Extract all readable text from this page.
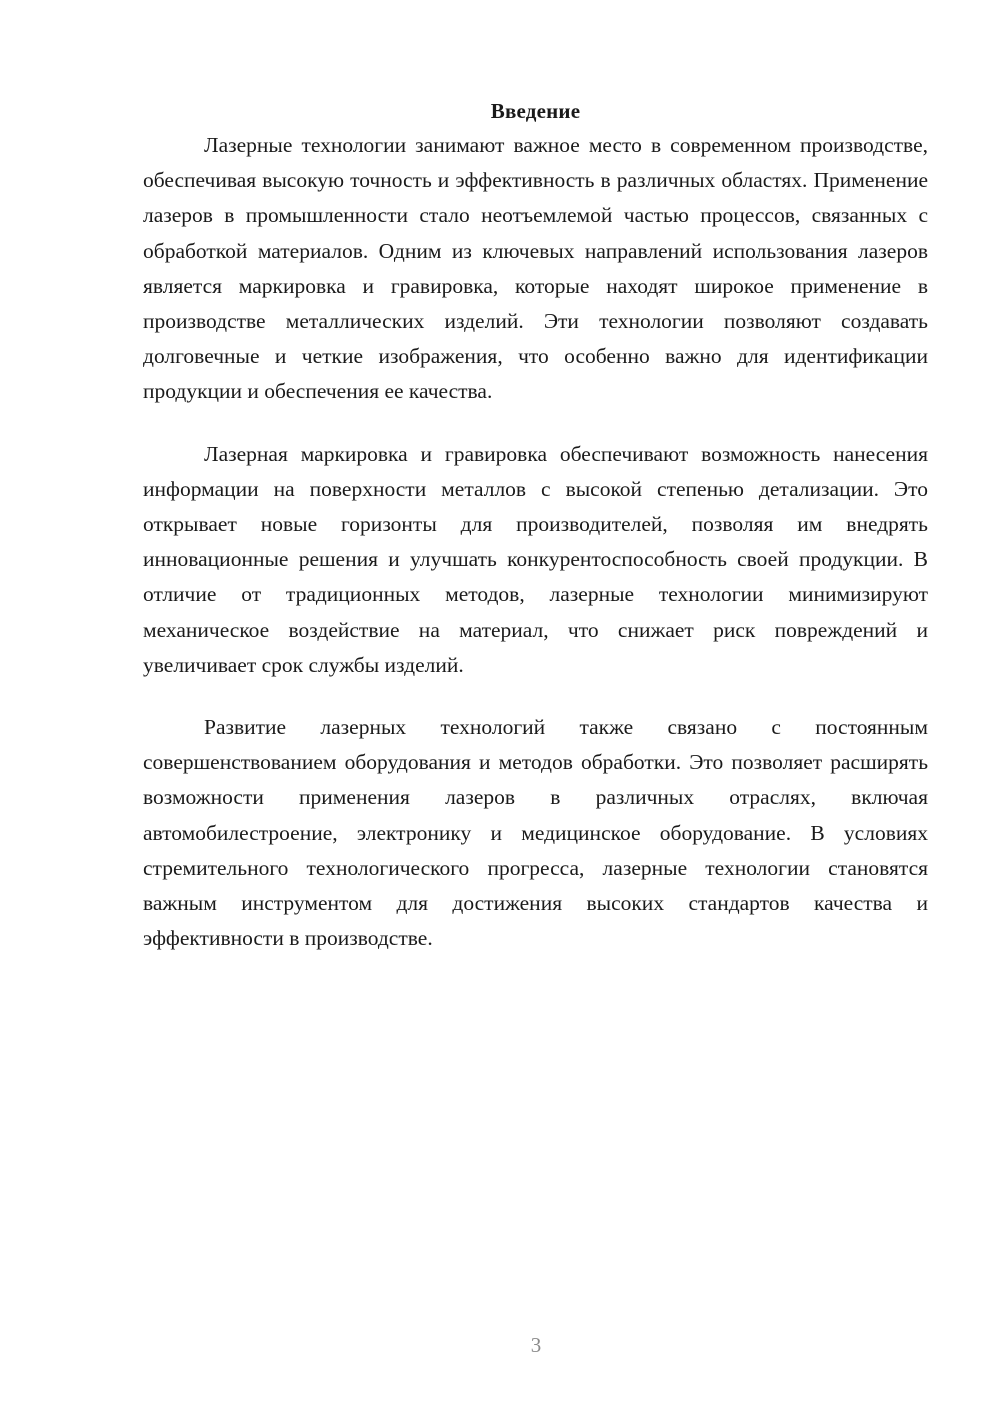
Введение

Лазерные технологии занимают важное место в современном производстве, обеспечивая высокую точность и эффективность в различных областях. Применение лазеров в промышленности стало неотъемлемой частью процессов, связанных с обработкой материалов. Одним из ключевых направлений использования лазеров является маркировка и гравировка, которые находят широкое применение в производстве металлических изделий. Эти технологии позволяют создавать долговечные и четкие изображения, что особенно важно для идентификации продукции и обеспечения ее качества.

Лазерная маркировка и гравировка обеспечивают возможность нанесения информации на поверхности металлов с высокой степенью детализации. Это открывает новые горизонты для производителей, позволяя им внедрять инновационные решения и улучшать конкурентоспособность своей продукции. В отличие от традиционных методов, лазерные технологии минимизируют механическое воздействие на материал, что снижает риск повреждений и увеличивает срок службы изделий.

Развитие лазерных технологий также связано с постоянным совершенствованием оборудования и методов обработки. Это позволяет расширять возможности применения лазеров в различных отраслях, включая автомобилестроение, электронику и медицинское оборудование. В условиях стремительного технологического прогресса, лазерные технологии становятся важным инструментом для достижения высоких стандартов качества и эффективности в производстве.

3
